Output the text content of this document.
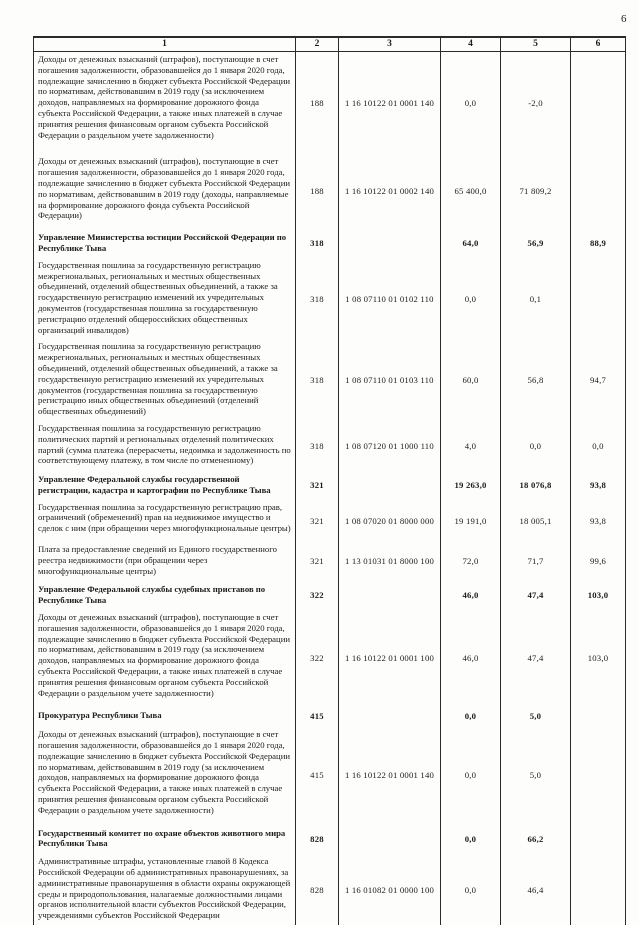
6
1	2	3	4	5	6
Доходы от денежных взысканий (штрафов), поступающие в счет погашения задолженности, образовавшейся до 1 января 2020 года, подлежащие зачислению в бюджет субъекта Российской Федерации по нормативам, действовавшим в 2019 году (за исключением доходов, направляемых на формирование дорожного фонда субъекта Российской Федерации, а также иных платежей в случае принятия решения финансовым органом субъекта Российской Федерации о раздельном учете задолженности)	188	1 16 10122 01 0001 140	0,0	-2,0	
Доходы от денежных взысканий (штрафов), поступающие в счет погашения задолженности, образовавшейся до 1 января 2020 года, подлежащие зачислению в бюджет субъекта Российской Федерации по нормативам, действовавшим в 2019 году (доходы, направляемые на формирование дорожного фонда субъекта Российской Федерации)	188	1 16 10122 01 0002 140	65 400,0	71 809,2	
Управление Министерства юстиции Российской Федерации по Республике Тыва	318		64,0	56,9	88,9
Государственная пошлина за государственную регистрацию межрегиональных, региональных и местных общественных объединений, отделений общественных объединений, а также за государственную регистрацию изменений их учредительных документов (государственная пошлина за государственную регистрацию отделений общероссийских общественных организаций инвалидов)	318	1 08 07110 01 0102 110	0,0	0,1	
Государственная пошлина за государственную регистрацию межрегиональных, региональных и местных общественных объединений, отделений общественных объединений, а также за государственную регистрацию изменений их учредительных документов (государственная пошлина за государственную регистрацию иных общественных объединений (отделений общественных объединений)	318	1 08 07110 01 0103 110	60,0	56,8	94,7
Государственная пошлина за государственную регистрацию политических партий и региональных отделений политических партий (сумма платежа (перерасчеты, недоимка и задолженность по соответствующему платежу, в том числе по отмененному)	318	1 08 07120 01 1000 110	4,0	0,0	0,0
Управление Федеральной службы государственной регистрации, кадастра и картографии по Республике Тыва	321		19 263,0	18 076,8	93,8
Государственная пошлина за государственную регистрацию прав, ограничений (обременений) прав на недвижимое имущество и сделок с ним (при обращении через многофункциональные центры)	321	1 08 07020 01 8000 000	19 191,0	18 005,1	93,8
Плата за предоставление сведений из Единого государственного реестра недвижимости (при обращении через многофункциональные центры)	321	1 13 01031 01 8000 100	72,0	71,7	99,6
Управление Федеральной службы судебных приставов по Республике Тыва	322		46,0	47,4	103,0
Доходы от денежных взысканий (штрафов), поступающие в счет погашения задолженности, образовавшейся до 1 января 2020 года, подлежащие зачислению в бюджет субъекта Российской Федерации по нормативам, действовавшим в 2019 году (за исключением доходов, направляемых на формирование дорожного фонда субъекта Российской Федерации, а также иных платежей в случае принятия решения финансовым органом субъекта Российской Федерации о раздельном учете задолженности)	322	1 16 10122 01 0001 100	46,0	47,4	103,0
Прокуратура Республики Тыва	415		0,0	5,0	
Доходы от денежных взысканий (штрафов), поступающие в счет погашения задолженности, образовавшейся до 1 января 2020 года, подлежащие зачислению в бюджет субъекта Российской Федерации по нормативам, действовавшим в 2019 году (за исключением доходов, направляемых на формирование дорожного фонда субъекта Российской Федерации, а также иных платежей в случае принятия решения финансовым органом субъекта Российской Федерации о раздельном учете задолженности)	415	1 16 10122 01 0001 140	0,0	5,0	
Государственный комитет по охране объектов животного мира Республики Тыва	828		0,0	66,2	
Административные штрафы, установленные главой 8 Кодекса Российской Федерации об административных правонарушениях, за административные правонарушения в области охраны окружающей среды и природопользования, налагаемые должностными лицами органов исполнительной власти субъектов Российской Федерации, учреждениями субъектов Российской Федерации	828	1 16 01082 01 0000 100	0,0	46,4	
